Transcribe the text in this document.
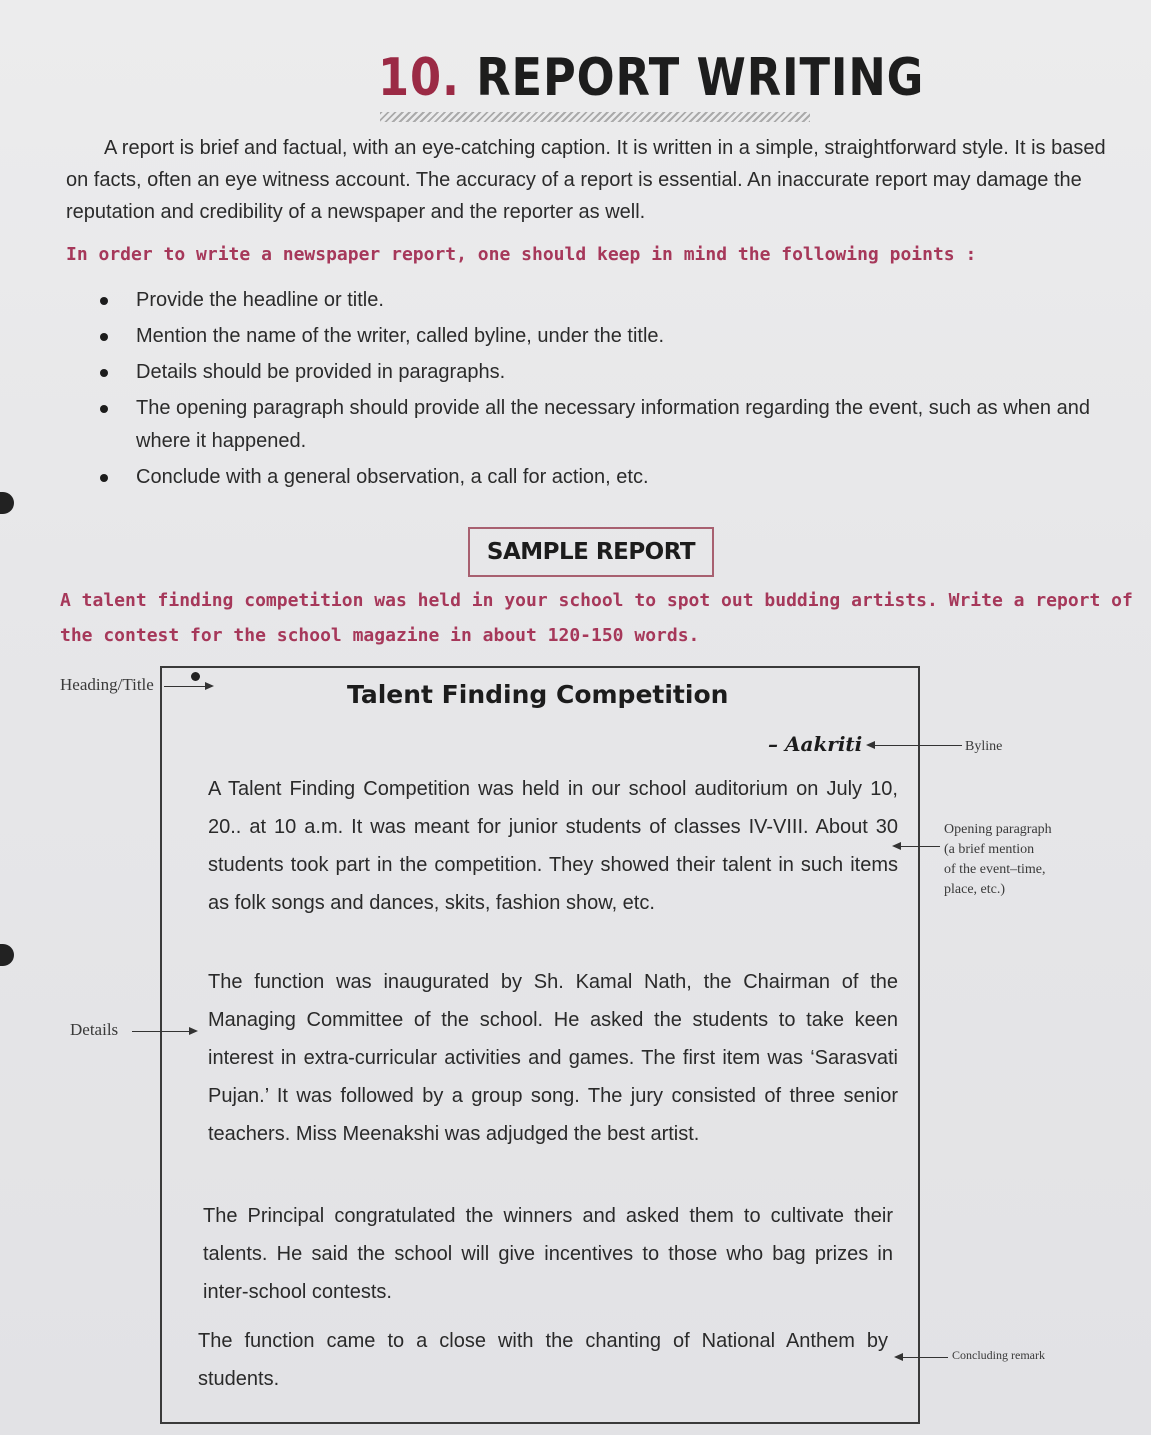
10. REPORT WRITING

A report is brief and factual, with an eye-catching caption. It is written in a simple, straightforward style. It is based on facts, often an eye witness account. The accuracy of a report is essential. An inaccurate report may damage the reputation and credibility of a newspaper and the reporter as well.

In order to write a newspaper report, one should keep in mind the following points :
Provide the headline or title.
Mention the name of the writer, called byline, under the title.
Details should be provided in paragraphs.
The opening paragraph should provide all the necessary information regarding the event, such as when and where it happened.
Conclude with a general observation, a call for action, etc.
SAMPLE REPORT

A talent finding competition was held in your school to spot out budding artists. Write a report of the contest for the school magazine in about 120-150 words.

Talent Finding Competition
– Aakriti

A Talent Finding Competition was held in our school auditorium on July 10, 20.. at 10 a.m. It was meant for junior students of classes IV-VIII. About 30 students took part in the competition. They showed their talent in such items as folk songs and dances, skits, fashion show, etc.

The function was inaugurated by Sh. Kamal Nath, the Chairman of the Managing Committee of the school. He asked the students to take keen interest in extra-curricular activities and games. The first item was ‘Sarasvati Pujan.’ It was followed by a group song. The jury consisted of three senior teachers. Miss Meenakshi was adjudged the best artist.

The Principal congratulated the winners and asked them to cultivate their talents. He said the school will give incentives to those who bag prizes in inter-school contests.

The function came to a close with the chanting of National Anthem by students.

Heading/Title
Byline
Opening paragraph
(a brief mention
of the event–time,
place, etc.)
Details
Concluding remark
